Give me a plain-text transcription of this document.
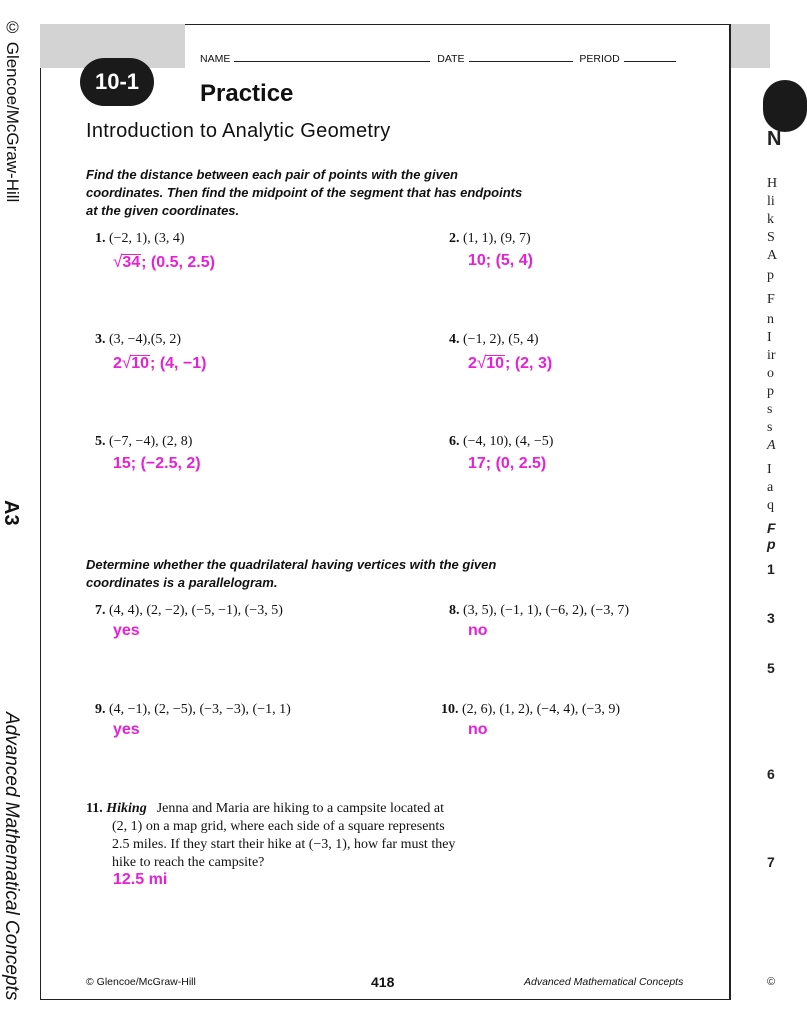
© Glencoe/McGraw-Hill
A3
Advanced Mathematical Concepts
N
H
li
k
S
A
p
F
n
I
ir
o
p
s
s
A
I
a
q
F
p
1
3
5
6
7
©
10-1
NAME	DATE	PERIOD
Practice
Introduction to Analytic Geometry
Find the distance between each pair of points with the given coordinates. Then find the midpoint of the segment that has endpoints at the given coordinates.
1. (−2, 1), (3, 4)
√34; (0.5, 2.5)
2. (1, 1), (9, 7)
10; (5, 4)
3. (3, −4),(5, 2)
2√10; (4, −1)
4. (−1, 2), (5, 4)
2√10; (2, 3)
5. (−7, −4), (2, 8)
15; (−2.5, 2)
6. (−4, 10), (4, −5)
17; (0, 2.5)
Determine whether the quadrilateral having vertices with the given coordinates is a parallelogram.
7. (4, 4), (2, −2), (−5, −1), (−3, 5)
yes
8. (3, 5), (−1, 1), (−6, 2), (−3, 7)
no
9. (4, −1), (2, −5), (−3, −3), (−1, 1)
yes
10. (2, 6), (1, 2), (−4, 4), (−3, 9)
no
11. Hiking Jenna and Maria are hiking to a campsite located at
(2, 1) on a map grid, where each side of a square represents
2.5 miles. If they start their hike at (−3, 1), how far must they
hike to reach the campsite?
12.5 mi
© Glencoe/McGraw-Hill	418	Advanced Mathematical Concepts
